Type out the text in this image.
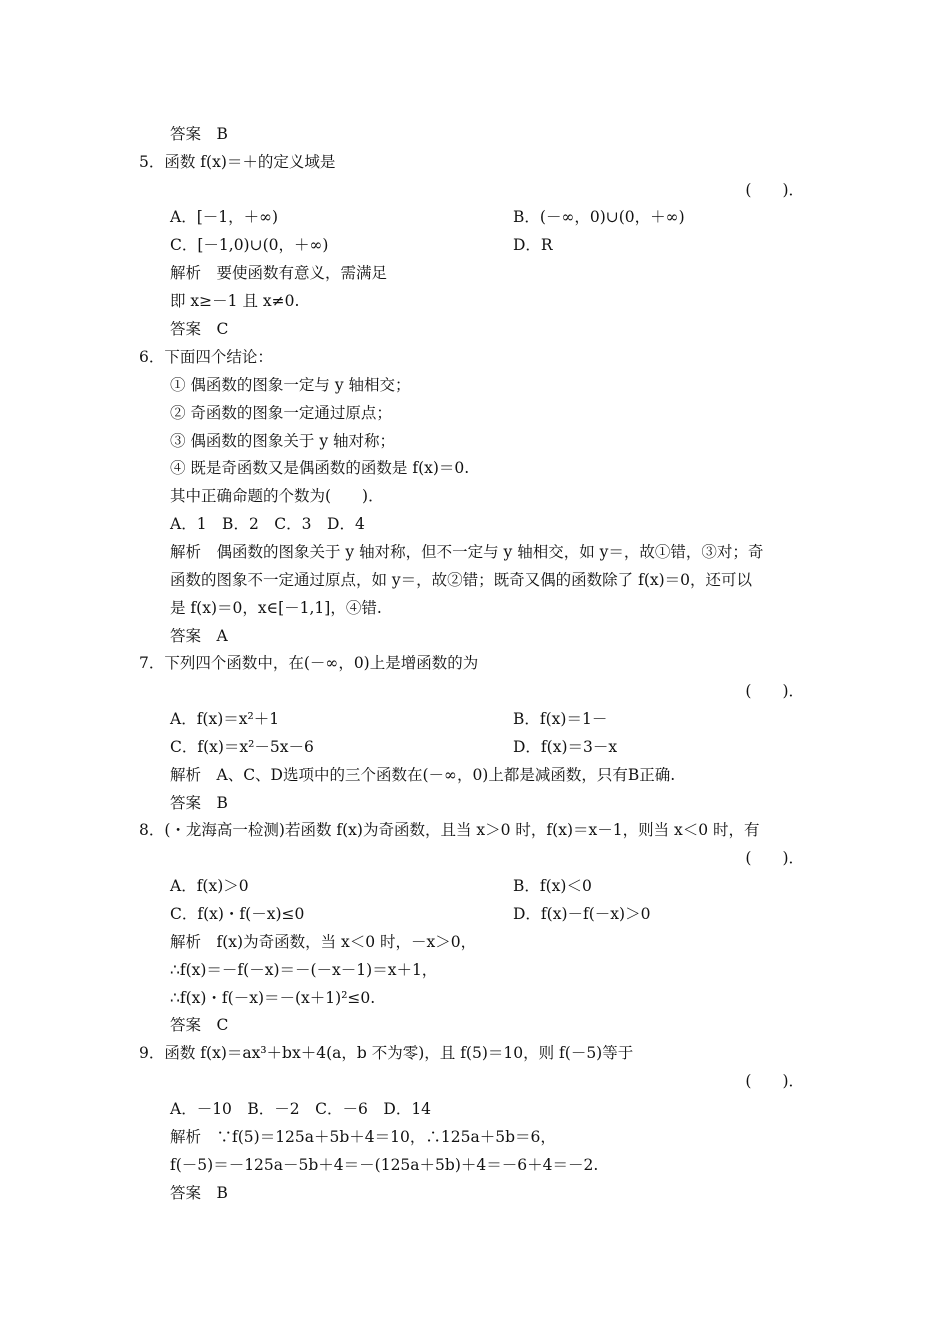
答案　B
5．函数 f(x)＝＋的定义域是
(　　)．
A．[－1，＋∞)	B．(－∞，0)∪(0，＋∞)
C．[－1,0)∪(0，＋∞)	D．R
解析　要使函数有意义，需满足
即 x≥－1 且 x≠0.
答案　C
6．下面四个结论：
① 偶函数的图象一定与 y 轴相交；
② 奇函数的图象一定通过原点；
③ 偶函数的图象关于 y 轴对称；
④ 既是奇函数又是偶函数的函数是 f(x)＝0.
其中正确命题的个数为(　　)．
A．1　B．2　C．3　D．4
解析　偶函数的图象关于 y 轴对称，但不一定与 y 轴相交，如 y＝，故①错，③对；奇
函数的图象不一定通过原点，如 y＝，故②错；既奇又偶的函数除了 f(x)＝0，还可以
是 f(x)＝0，x∈[－1,1]，④错.
答案　A
7．下列四个函数中，在(－∞，0)上是增函数的为
(　　)．
A．f(x)＝x²＋1	B．f(x)＝1－
C．f(x)＝x²－5x－6	D．f(x)＝3－x
解析　A、C、D选项中的三个函数在(－∞，0)上都是减函数，只有B正确.
答案　B
8．(・龙海高一检测)若函数 f(x)为奇函数，且当 x＞0 时，f(x)＝x－1，则当 x＜0 时，有
(　　)．
A．f(x)＞0	B．f(x)＜0
C．f(x)・f(－x)≤0	D．f(x)－f(－x)＞0
解析　f(x)为奇函数，当 x＜0 时，－x＞0，
∴f(x)＝－f(－x)＝－(－x－1)＝x＋1，
∴f(x)・f(－x)＝－(x＋1)²≤0.
答案　C
9．函数 f(x)＝ax³＋bx＋4(a，b 不为零)，且 f(5)＝10，则 f(－5)等于
(　　)．
A．－10　B．－2　C．－6　D．14
解析　∵f(5)＝125a＋5b＋4＝10，∴125a＋5b＝6，
f(－5)＝－125a－5b＋4＝－(125a＋5b)＋4＝－6＋4＝－2.
答案　B
